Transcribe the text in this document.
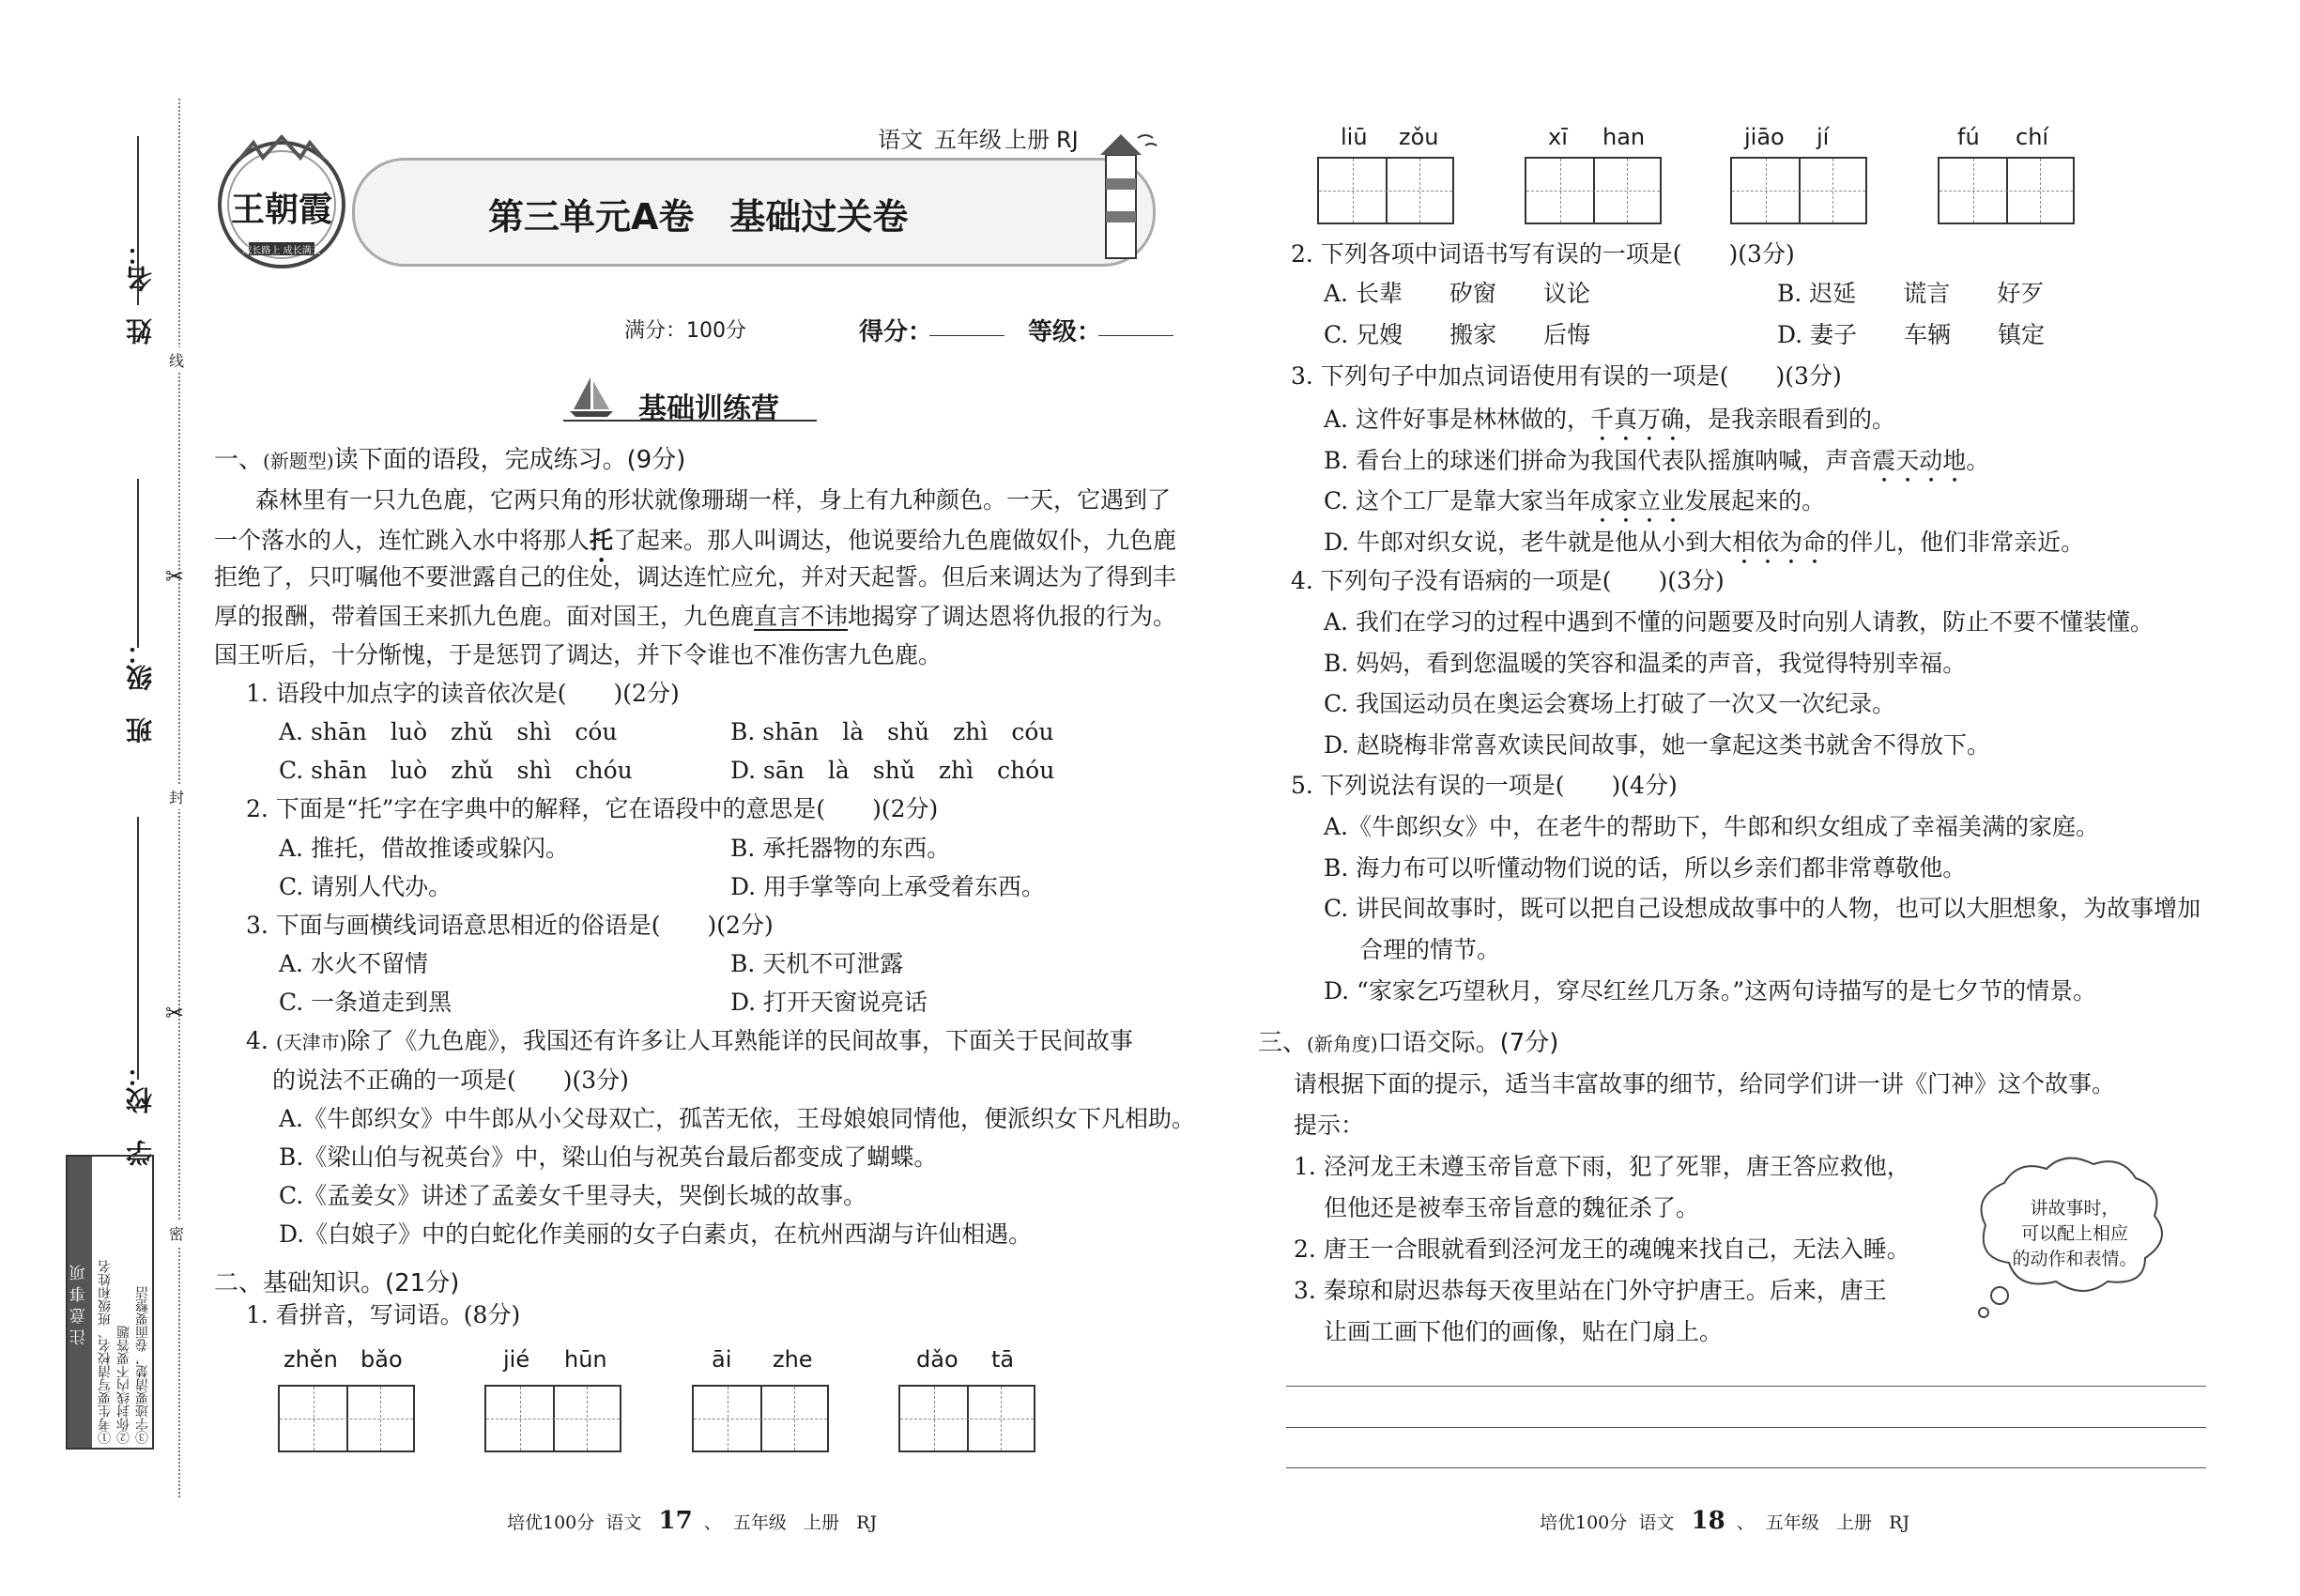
姓　名：
班　级：
学　校：
线
封
密
✂
✂
注意事项 ①考生要写清校名、班级和姓名 ②你封线内不要答题 ③字迹要清楚，卷面要整洁
王朝霞
成长路上 成长满天
第三单元A卷　基础过关卷
语文 五年级 上册 RJ
满分：100分	得分：	等级：
基础训练营
一、(新题型)读下面的语段，完成练习。(9分)
森林里有一只九色鹿，它两只角的形状就像珊瑚一样，身上有九种颜色。一天，它遇到了
一个落水的人，连忙跳入水中将那人托了起来。那人叫调达，他说要给九色鹿做奴仆，九色鹿
拒绝了，只叮嘱他不要泄露自己的住处，调达连忙应允，并对天起誓。但后来调达为了得到丰
厚的报酬，带着国王来抓九色鹿。面对国王，九色鹿直言不讳地揭穿了调达恩将仇报的行为。
国王听后，十分惭愧，于是惩罚了调达，并下令谁也不准伤害九色鹿。
1. 语段中加点字的读音依次是(　　)(2分)
A. shān　luò　zhǔ　shì　cóu	B. shān　là　shǔ　zhì　cóu
C. shān　luò　zhǔ　shì　chóu	D. sān　là　shǔ　zhì　chóu
2. 下面是“托”字在字典中的解释，它在语段中的意思是(　　)(2分)
A. 推托，借故推诿或躲闪。	B. 承托器物的东西。
C. 请别人代办。	D. 用手掌等向上承受着东西。
3. 下面与画横线词语意思相近的俗语是(　　)(2分)
A. 水火不留情	B. 天机不可泄露
C. 一条道走到黑	D. 打开天窗说亮话
4. (天津市)除了《九色鹿》，我国还有许多让人耳熟能详的民间故事，下面关于民间故事
的说法不正确的一项是(　　)(3分)
A.《牛郎织女》中牛郎从小父母双亡，孤苦无依，王母娘娘同情他，便派织女下凡相助。
B.《梁山伯与祝英台》中，梁山伯与祝英台最后都变成了蝴蝶。
C.《孟姜女》讲述了孟姜女千里寻夫，哭倒长城的故事。
D.《白娘子》中的白蛇化作美丽的女子白素贞，在杭州西湖与许仙相遇。
二、基础知识。(21分)
1. 看拼音，写词语。(8分)
zhěn bǎo	jié hūn	āi zhe	dǎo tā
培优100分 语文 17  、  五年级 上册 RJ
liū zǒu	xī han	jiāo jí	fú chí
2. 下列各项中词语书写有误的一项是(　　)(3分)
A. 长辈　　矽窗　　议论	B. 迟延　　谎言　　好歹
C. 兄嫂　　搬家　　后悔	D. 妻子　　车辆　　镇定
3. 下列句子中加点词语使用有误的一项是(　　)(3分)
A. 这件好事是林林做的，千真万确，是我亲眼看到的。
B. 看台上的球迷们拼命为我国代表队摇旗呐喊，声音震天动地。
C. 这个工厂是靠大家当年成家立业发展起来的。
D. 牛郎对织女说，老牛就是他从小到大相依为命的伴儿，他们非常亲近。
4. 下列句子没有语病的一项是(　　)(3分)
A. 我们在学习的过程中遇到不懂的问题要及时向别人请教，防止不要不懂装懂。
B. 妈妈，看到您温暖的笑容和温柔的声音，我觉得特别幸福。
C. 我国运动员在奥运会赛场上打破了一次又一次纪录。
D. 赵晓梅非常喜欢读民间故事，她一拿起这类书就舍不得放下。
5. 下列说法有误的一项是(　　)(4分)
A.《牛郎织女》中，在老牛的帮助下，牛郎和织女组成了幸福美满的家庭。
B. 海力布可以听懂动物们说的话，所以乡亲们都非常尊敬他。
C. 讲民间故事时，既可以把自己设想成故事中的人物，也可以大胆想象，为故事增加
合理的情节。
D. “家家乞巧望秋月，穿尽红丝几万条。”这两句诗描写的是七夕节的情景。
三、(新角度)口语交际。(7分)
请根据下面的提示，适当丰富故事的细节，给同学们讲一讲《门神》这个故事。
提示：
1. 泾河龙王未遵玉帝旨意下雨，犯了死罪，唐王答应救他，
但他还是被奉玉帝旨意的魏征杀了。
2. 唐王一合眼就看到泾河龙王的魂魄来找自己，无法入睡。
3. 秦琼和尉迟恭每天夜里站在门外守护唐王。后来，唐王
让画工画下他们的画像，贴在门扇上。
讲故事时，
可以配上相应
的动作和表情。
培优100分 语文 18  、  五年级 上册 RJ
